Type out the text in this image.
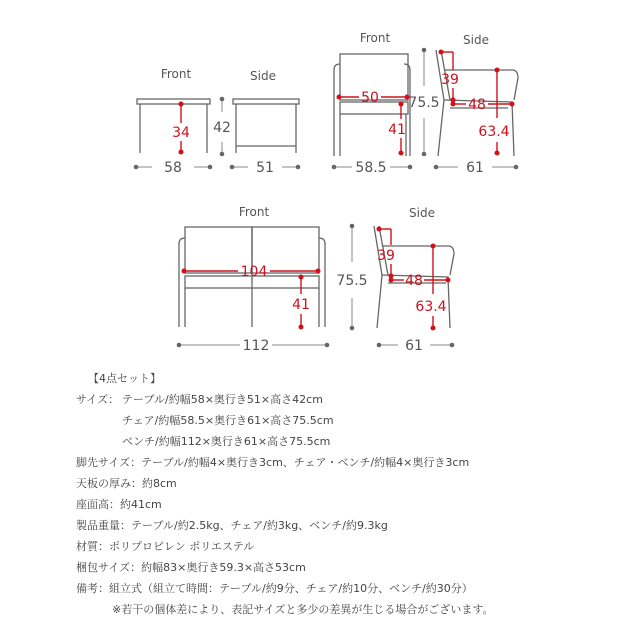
Front	Side
Front	Side
Front	Side
58	51
42
58.5
75.5
61
112
75.5
61
34
50
41
39
48
63.4
104
41
39
48
63.4
【4点セット】
サイズ： テーブル/約幅58×奥行き51×高さ42cm
チェア/約幅58.5×奥行き61×高さ75.5cm
ベンチ/約幅112×奥行き61×高さ75.5cm
脚先サイズ：テーブル/約幅4×奥行き3cm、チェア・ベンチ/約幅4×奥行き3cm
天板の厚み：約8cm
座面高：約41cm
製品重量：テーブル/約2.5kg、チェア/約3kg、ベンチ/約9.3kg
材質：ポリプロピレン ポリエステル
梱包サイズ：約幅83×奥行き59.3×高さ53cm
備考：組立式（組立て時間：テーブル/約9分、チェア/約10分、ベンチ/約30分）
※若干の個体差により、表記サイズと多少の差異が生じる場合がございます。
